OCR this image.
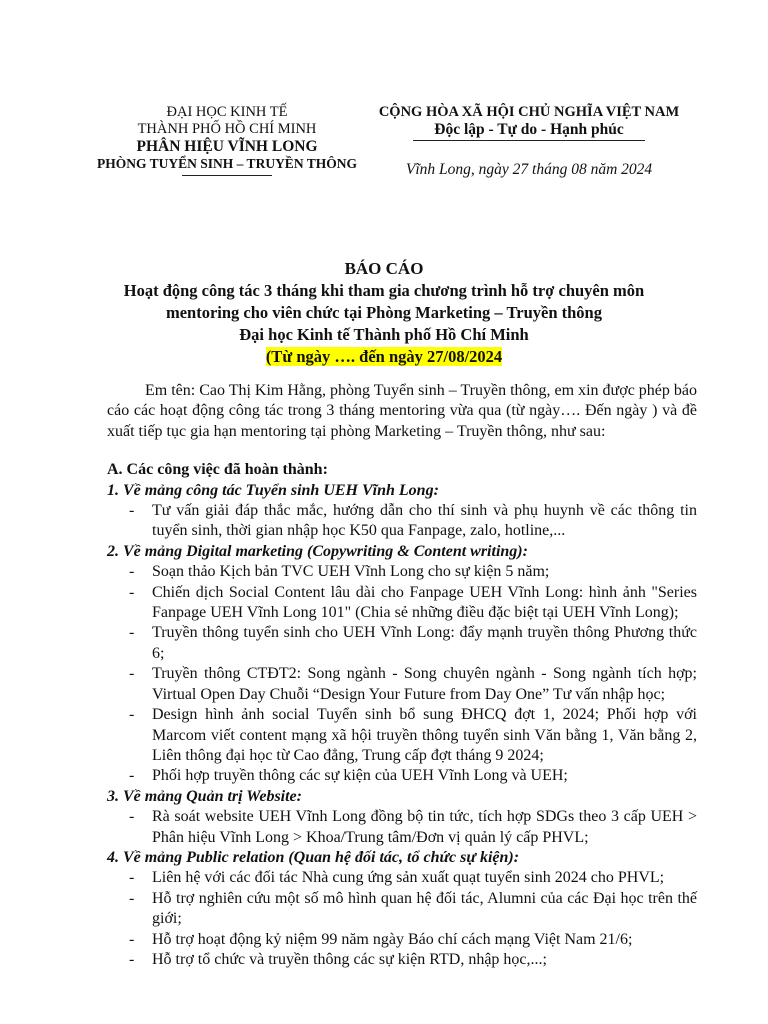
ĐẠI HỌC KINH TẾ
THÀNH PHỐ HỒ CHÍ MINH
PHÂN HIỆU VĨNH LONG
PHÒNG TUYỂN SINH – TRUYỀN THÔNG
CỘNG HÒA XÃ HỘI CHỦ NGHĨA VIỆT NAM
Độc lập - Tự do - Hạnh phúc
Vĩnh Long, ngày 27 tháng 08 năm 2024
BÁO CÁO
Hoạt động công tác 3 tháng khi tham gia chương trình hỗ trợ chuyên môn
mentoring cho viên chức tại Phòng Marketing – Truyền thông
Đại học Kinh tế Thành phố Hồ Chí Minh
(Từ ngày …. đến ngày 27/08/2024

Em tên: Cao Thị Kim Hằng, phòng Tuyển sinh – Truyền thông, em xin được phép báo cáo các hoạt động công tác trong 3 tháng mentoring vừa qua (từ ngày…. Đến ngày ) và đề xuất tiếp tục gia hạn mentoring tại phòng Marketing – Truyền thông, như sau:

A. Các công việc đã hoàn thành:
1. Về mảng công tác Tuyển sinh UEH Vĩnh Long:
- Tư vấn giải đáp thắc mắc, hướng dẫn cho thí sinh và phụ huynh về các thông tin tuyển sinh, thời gian nhập học K50 qua Fanpage, zalo, hotline,...
2. Về mảng Digital marketing (Copywriting & Content writing):
- Soạn thảo Kịch bản TVC UEH Vĩnh Long cho sự kiện 5 năm;
- Chiến dịch Social Content lâu dài cho Fanpage UEH Vĩnh Long: hình ảnh "Series Fanpage UEH Vĩnh Long 101" (Chia sẻ những điều đặc biệt tại UEH Vĩnh Long);
- Truyền thông tuyển sinh cho UEH Vĩnh Long: đẩy mạnh truyền thông Phương thức 6;
- Truyền thông CTĐT2: Song ngành - Song chuyên ngành - Song ngành tích hợp; Virtual Open Day Chuỗi “Design Your Future from Day One” Tư vấn nhập học;
- Design hình ảnh social Tuyển sinh bổ sung ĐHCQ đợt 1, 2024; Phối hợp với Marcom viết content mạng xã hội truyền thông tuyển sinh Văn bằng 1, Văn bằng 2, Liên thông đại học từ Cao đẳng, Trung cấp đợt tháng 9 2024;
- Phối hợp truyền thông các sự kiện của UEH Vĩnh Long và UEH;
3. Về mảng Quản trị Website:
- Rà soát website UEH Vĩnh Long đồng bộ tin tức, tích hợp SDGs theo 3 cấp UEH > Phân hiệu Vĩnh Long > Khoa/Trung tâm/Đơn vị quản lý cấp PHVL;
4. Về mảng Public relation (Quan hệ đối tác, tổ chức sự kiện):
- Liên hệ với các đối tác Nhà cung ứng sản xuất quạt tuyển sinh 2024 cho PHVL;
- Hỗ trợ nghiên cứu một số mô hình quan hệ đối tác, Alumni của các Đại học trên thế giới;
- Hỗ trợ hoạt động kỷ niệm 99 năm ngày Báo chí cách mạng Việt Nam 21/6;
- Hỗ trợ tổ chức và truyền thông các sự kiện RTD, nhập học,...;
